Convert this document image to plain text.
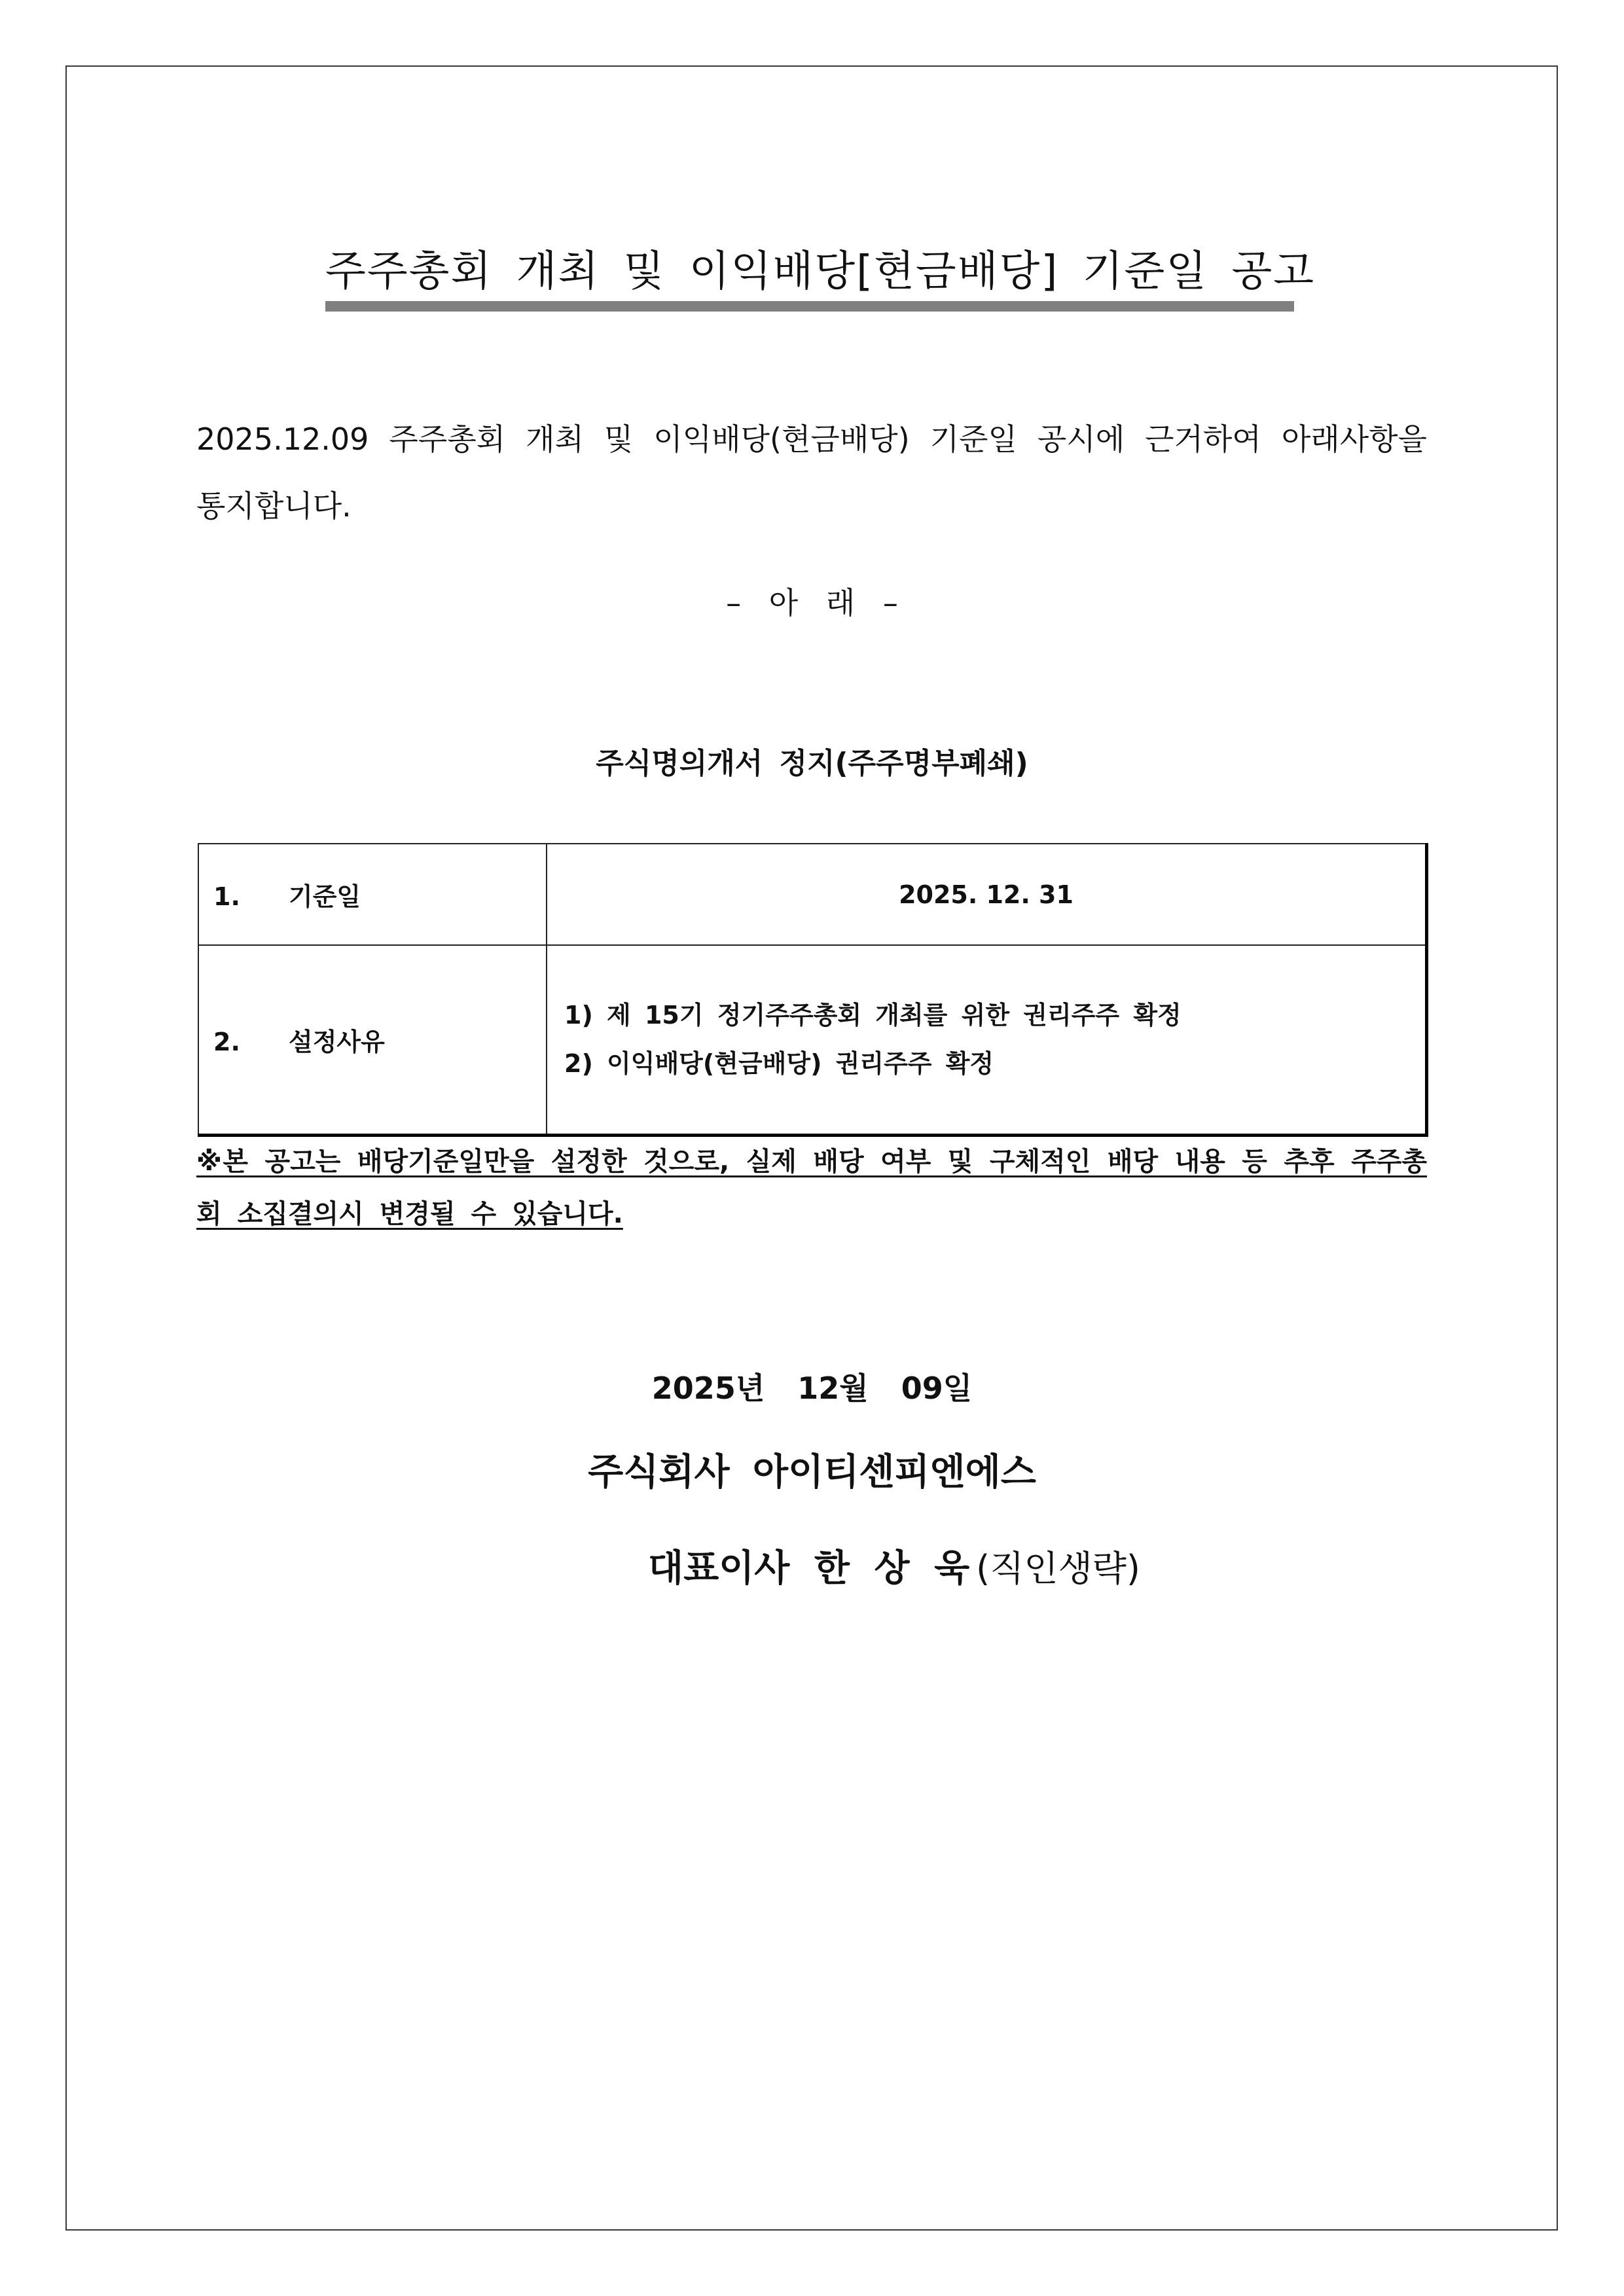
주주총회 개최 및 이익배당[현금배당] 기준일 공고
2025.12.09 주주총회 개최 및 이익배당(현금배당) 기준일 공시에 근거하여 아래사항을 통지합니다.
– 아 래 –
주식명의개서 정지(주주명부폐쇄)
1. 기준일	2025. 12. 31
2. 설정사유	1) 제 15기 정기주주총회 개최를 위한 권리주주 확정
2) 이익배당(현금배당) 권리주주 확정
※본 공고는 배당기준일만을 설정한 것으로, 실제 배당 여부 및 구체적인 배당 내용 등 추후 주주총회 소집결의시 변경될 수 있습니다.
2025년 12월 09일
주식회사 아이티센피엔에스
대표이사 한 상 욱 (직인생략)
